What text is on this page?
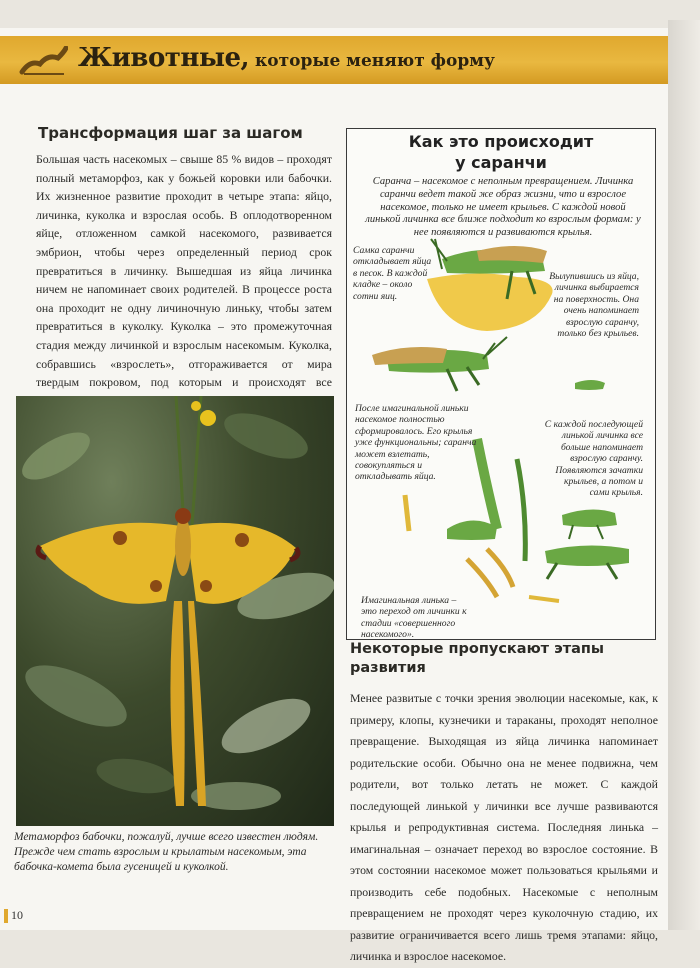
Животные, которые меняют форму
Трансформация шаг за шагом
Большая часть насекомых – свыше 85 % видов – проходят полный метаморфоз, как у божьей коровки или бабочки. Их жизненное развитие проходит в четыре этапа: яйцо, личинка, куколка и взрослая особь. В оплодотворенном яйце, отложенном самкой насекомого, развивается эмбрион, чтобы через определенный период срок превратиться в личинку. Вышедшая из яйца личинка ничем не напоминает своих родителей. В процессе роста она проходит не одну личиночную линьку, чтобы затем превратиться в куколку. Куколка – это промежуточная стадия между личинкой и взрослым насекомым. Куколка, собравшись «взрослеть», отгораживается от мира твердым покровом, под которым и происходят все
Метаморфоз бабочки, пожалуй, лучше всего известен людям. Прежде чем стать взрослым и крылатым насекомым, эта бабочка-комета была гусеницей и куколкой.
10
Как это происходит
у саранчи
Саранча – насекомое с неполным превращением. Личинка саранчи ведет такой же образ жизни, что и взрослое насекомое, только не имеет крыльев. С каждой новой линькой личинка все ближе подходит ко взрослым формам: у нее появляются и развиваются крылья.
Самка саранчи откладывает яйца в песок. В каждой кладке – около сотни яиц.
Вылупившись из яйца, личинка выбирается на поверхность. Она очень напоминает взрослую саранчу, только без крыльев.
После имагинальной линьки насекомое полностью сформировалось. Его крылья уже функциональны; саранча может взлетать, совокупляться и откладывать яйца.
С каждой последующей линькой личинка все больше напоминает взрослую саранчу. Появляются зачатки крыльев, а потом и сами крылья.
Имагинальная линька – это переход от личинки к стадии «совершенного насекомого».
Некоторые пропускают этапы развития
Менее развитые с точки зрения эволюции насекомые, как, к примеру, клопы, кузнечики и тараканы, проходят неполное превращение. Выходящая из яйца личинка напоминает родительские особи. Обычно она не менее подвижна, чем родители, вот только летать не может. С каждой последующей линькой у личинки все лучше развиваются крылья и репродуктивная система. Последняя линька – имагинальная – означает переход во взрослое состояние. В этом состоянии насекомое может пользоваться крыльями и производить себе подобных. Насекомые с неполным превращением не проходят через куколочную стадию, их развитие ограничивается всего лишь тремя этапами: яйцо, личинка и взрослое насекомое.
